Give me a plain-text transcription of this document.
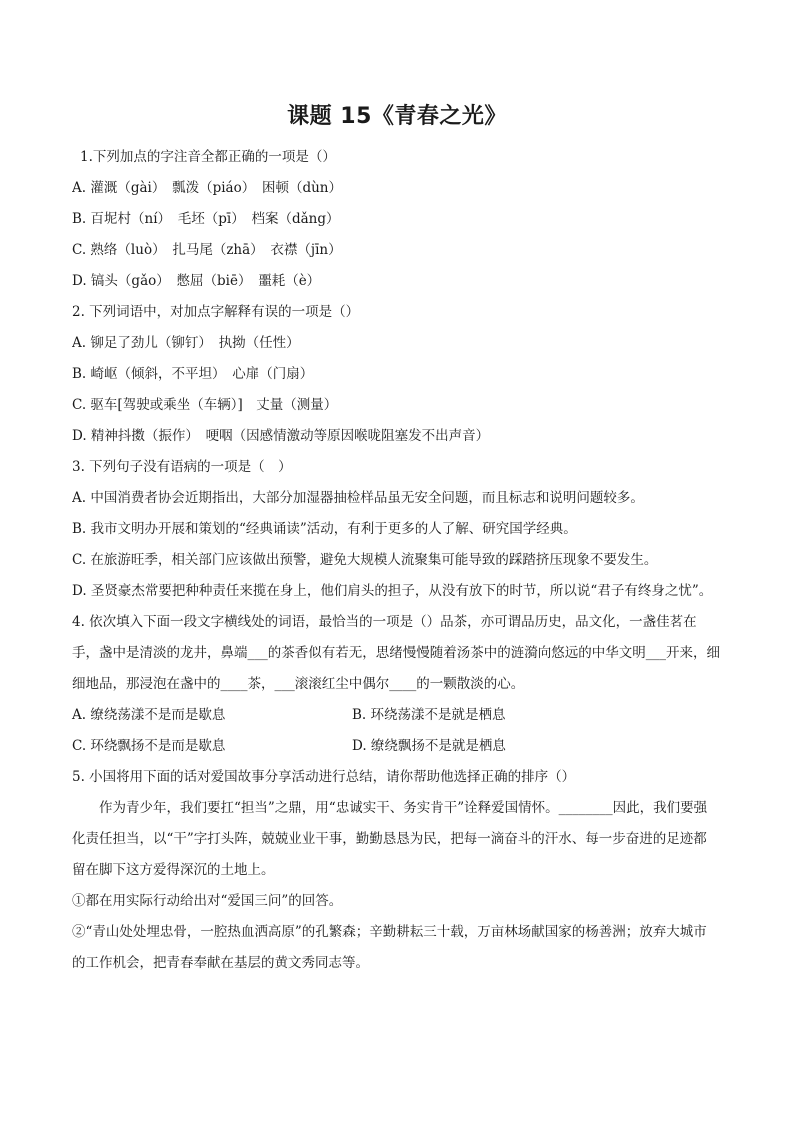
课题 15《青春之光》
1.下列加点的字注音全都正确的一项是（）
A. 灌溉（gài）　瓢泼（piáo）　困顿（dùn）
B. 百坭村（ní）　毛坯（pī）　档案（dǎng）
C. 熟络（luò）　扎马尾（zhā）　衣襟（jīn）
D. 镐头（gǎo）　憋屈（biē）　噩耗（è）
2. 下列词语中，对加点字解释有误的一项是（）
A. 铆足了劲儿（铆钉）　执拗（任性）
B. 崎岖（倾斜，不平坦）　心扉（门扇）
C. 驱车[驾驶或乘坐（车辆）]　丈量（测量）
D. 精神抖擞（振作）　哽咽（因感情激动等原因喉咙阻塞发不出声音）
3. 下列句子没有语病的一项是（　）
A. 中国消费者协会近期指出，大部分加湿器抽检样品虽无安全问题，而且标志和说明问题较多。
B. 我市文明办开展和策划的“经典诵读”活动，有利于更多的人了解、研究国学经典。
C. 在旅游旺季，相关部门应该做出预警，避免大规模人流聚集可能导致的踩踏挤压现象不要发生。
D. 圣贤豪杰常要把种种责任来揽在身上，他们肩头的担子，从没有放下的时节，所以说“君子有终身之忧”。
4. 依次填入下面一段文字横线处的词语，最恰当的一项是（）品茶，亦可谓品历史，品文化，一盏佳茗在手，盏中是清淡的龙井，鼻端___的茶香似有若无，思绪慢慢随着汤茶中的涟漪向悠远的中华文明___开来，细细地品，那浸泡在盏中的____茶，___滚滚红尘中偶尔____的一颗散淡的心。
A. 缭绕荡漾不是而是歇息	B. 环绕荡漾不是就是栖息
C. 环绕飘扬不是而是歇息	D. 缭绕飘扬不是就是栖息
5. 小国将用下面的话对爱国故事分享活动进行总结，请你帮助他选择正确的排序（）
作为青少年，我们要扛“担当”之鼎，用“忠诚实干、务实肯干”诠释爱国情怀。________因此，我们要强化责任担当，以“干”字打头阵，兢兢业业干事，勤勤恳恳为民，把每一滴奋斗的汗水、每一步奋进的足迹都留在脚下这方爱得深沉的土地上。
①都在用实际行动给出对“爱国三问”的回答。
②“青山处处埋忠骨，一腔热血洒高原”的孔繁森；辛勤耕耘三十载，万亩林场献国家的杨善洲；放弃大城市的工作机会，把青春奉献在基层的黄文秀同志等。
